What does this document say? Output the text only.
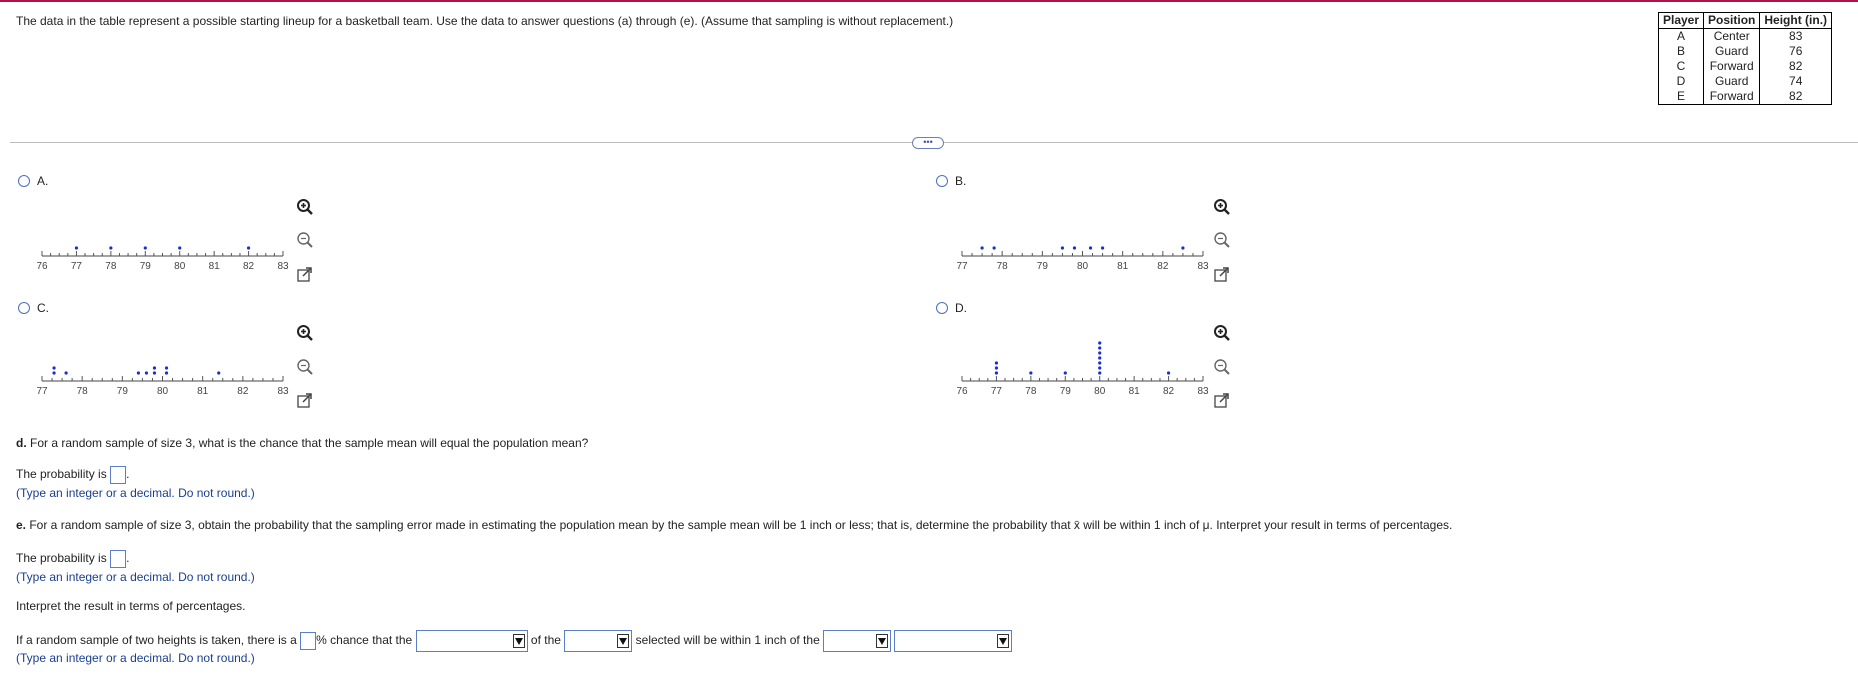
The data in the table represent a possible starting lineup for a basketball team. Use the data to answer questions (a) through (e). (Assume that sampling is without replacement.)	Player	Position	Height (in.)
A	Center	83
B	Guard	76
C	Forward	82
D	Guard	74
E	Forward	82
•••
A.
76 77 78 79 80 81 82 83
B.
77	78	79	80	81	82	83
C.
77	78	79	80	81	82	83
D.
76 77 78 79 80 81 82 83
d. For a random sample of size 3, what is the chance that the sample mean will equal the population mean?
The probability is .
(Type an integer or a decimal. Do not round.)
e. For a random sample of size 3, obtain the probability that the sampling error made in estimating the population mean by the sample mean will be 1 inch or less; that is, determine the probability that x̄ will be within 1 inch of μ. Interpret your result in terms of percentages.
The probability is .
(Type an integer or a decimal. Do not round.)
Interpret the result in terms of percentages.
If a random sample of two heights is taken, there is a % chance that the	of the	selected will be within 1 inch of the

(Type an integer or a decimal. Do not round.)
